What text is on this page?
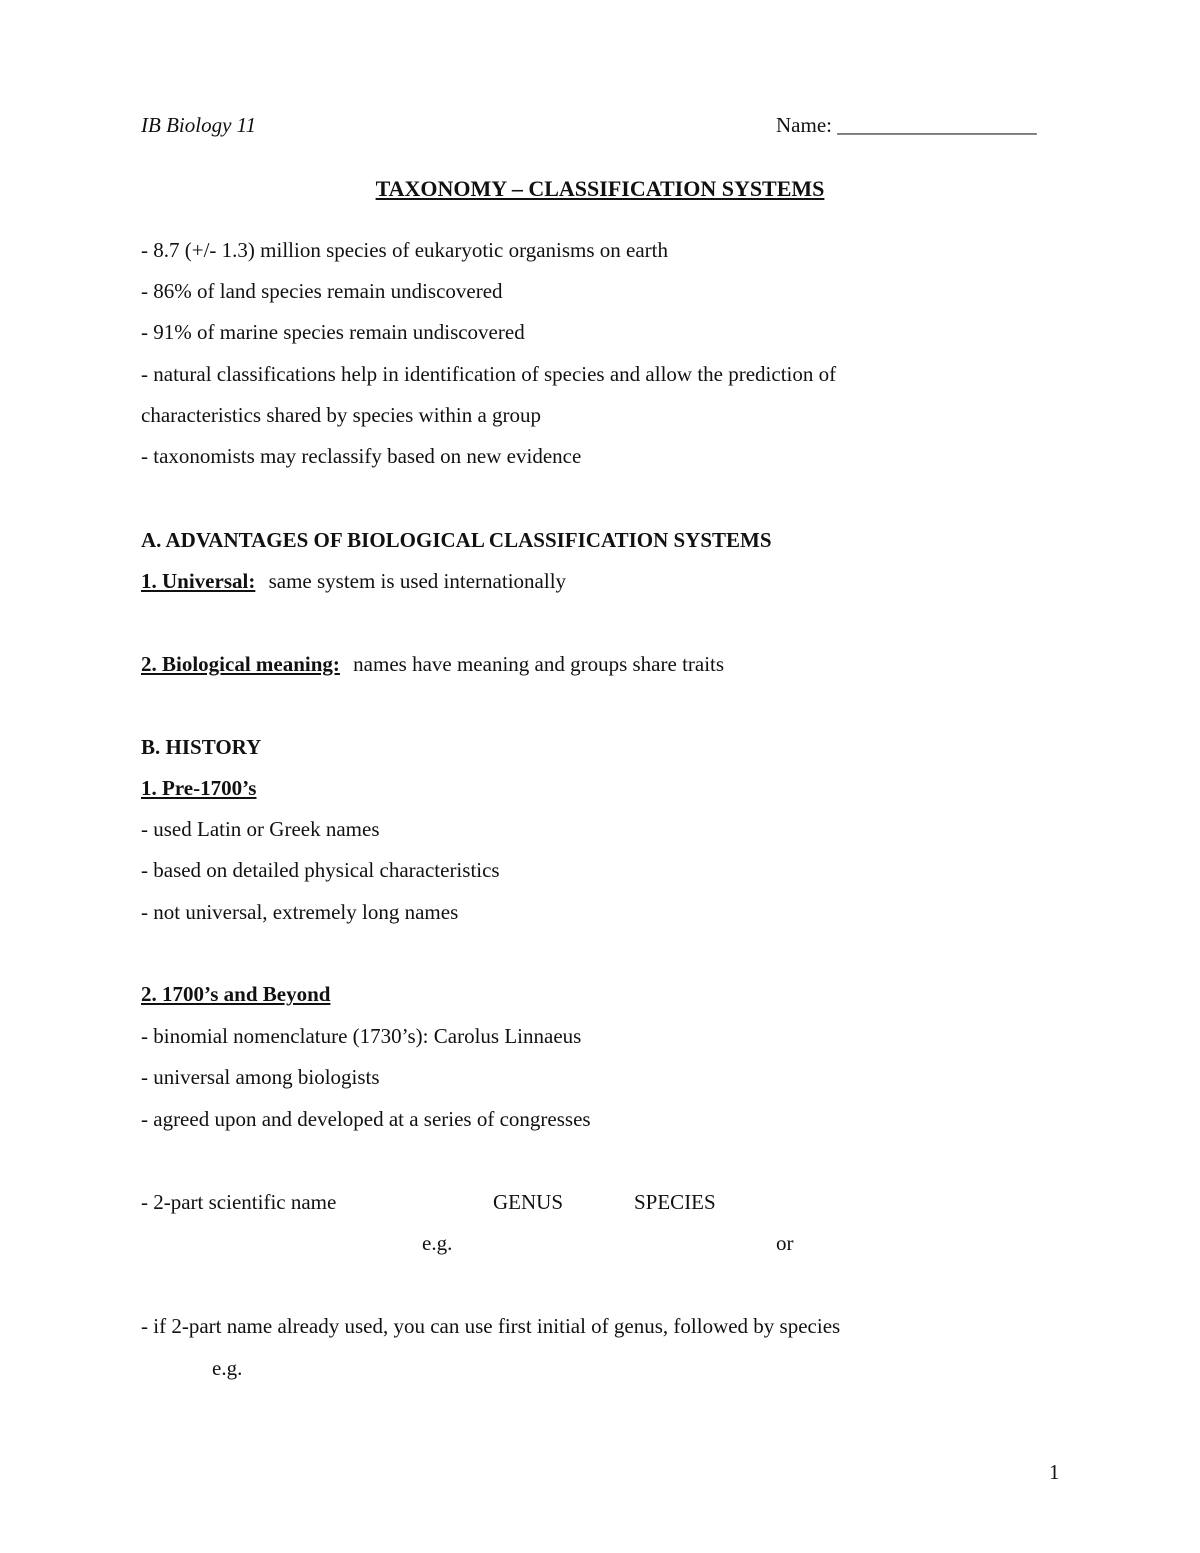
IB Biology 11	Name: ___________________
TAXONOMY – CLASSIFICATION SYSTEMS
- 8.7 (+/- 1.3) million species of eukaryotic organisms on earth
- 86% of land species remain undiscovered
- 91% of marine species remain undiscovered
- natural classifications help in identification of species and allow the prediction of
characteristics shared by species within a group
- taxonomists may reclassify based on new evidence
A. ADVANTAGES OF BIOLOGICAL CLASSIFICATION SYSTEMS
1. Universal: same system is used internationally
2. Biological meaning: names have meaning and groups share traits
B. HISTORY
1. Pre-1700’s
- used Latin or Greek names
- based on detailed physical characteristics
- not universal, extremely long names
2. 1700’s and Beyond
- binomial nomenclature (1730’s): Carolus Linnaeus
- universal among biologists
- agreed upon and developed at a series of congresses
- 2-part scientific name	GENUS	SPECIES
e.g.	or
- if 2-part name already used, you can use first initial of genus, followed by species
e.g.
1
